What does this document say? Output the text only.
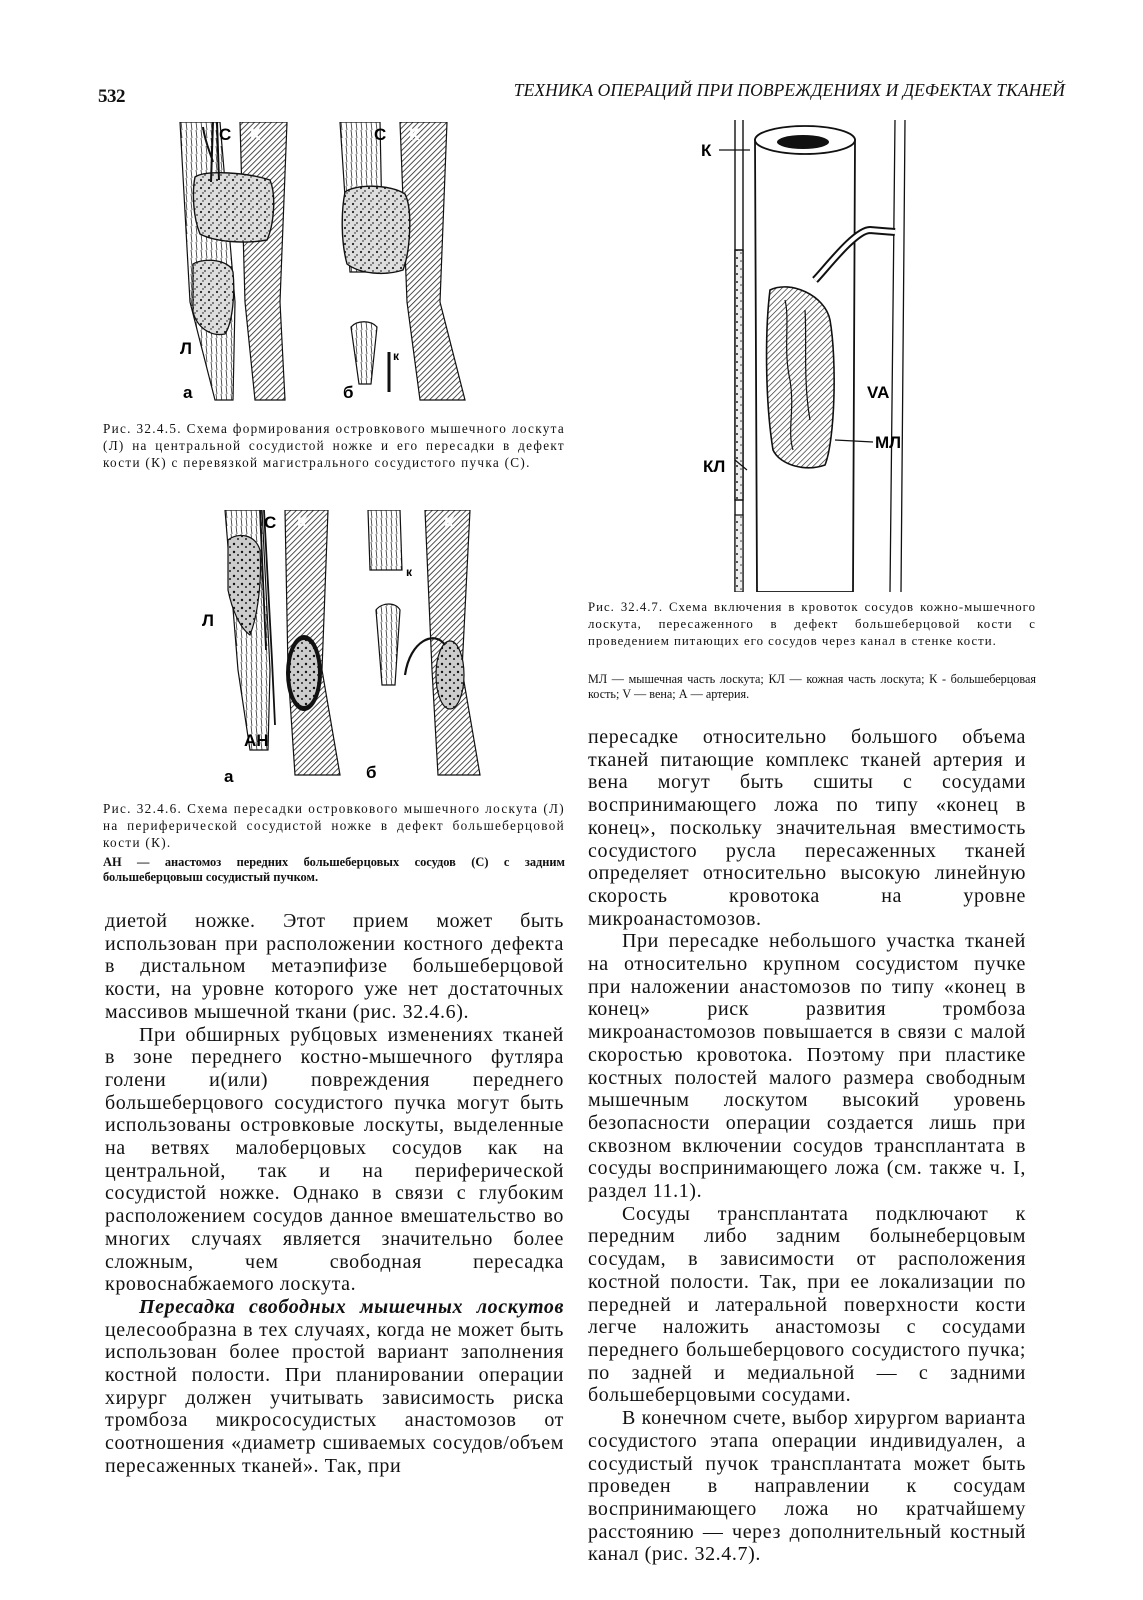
532	ТЕХНИКА ОПЕРАЦИЙ ПРИ ПОВРЕЖДЕНИЯХ И ДЕФЕКТАХ ТКАНЕЙ
С К	С К
Л
а	б
к
Рис. 32.4.5. Схема формирования островкового мышечного лоскута (Л) на центральной сосудистой ножке и его пересадки в дефект кости (К) с перевязкой магистрального сосудистого пучка (С).
С К	К
Л
АН
а	б
к
Рис. 32.4.6. Схема пересадки островкового мышечного лоскута (Л) на периферической сосудистой ножке в дефект большеберцовой кости (К).
АН — анастомоз передних большеберцовых сосудов (С) с задним большеберцовыш сосудистый пучком.
К
VA
МЛ
КЛ
Рис. 32.4.7. Схема включения в кровоток сосудов кожно-мышечного лоскута, пересаженного в дефект большеберцовой кости с проведением питающих его сосудов через канал в стенке кости.
МЛ — мышечная часть лоскута; КЛ — кожная часть лоскута; К - большеберцовая кость; V — вена; А — артерия.

диетой ножке. Этот прием может быть использован при расположении костного дефекта в дистальном метаэпифизе большеберцовой кости, на уровне которого уже нет достаточных массивов мышечной ткани (рис. 32.4.6).

При обширных рубцовых изменениях тканей в зоне переднего костно-мышечного футляра голени и(или) повреждения переднего большеберцового сосудистого пучка могут быть использованы островковые лоскуты, выделенные на ветвях малоберцовых сосудов как на центральной, так и на периферической сосудистой ножке. Однако в связи с глубоким расположением сосудов данное вмешательство во многих случаях является значительно более сложным, чем свободная пересадка кровоснабжаемого лоскута.

Пересадка свободных мышечных лоскутов целесообразна в тех случаях, когда не может быть использован более простой вариант заполнения костной полости. При планировании операции хирург должен учитывать зависимость риска тромбоза микрососудистых анастомозов от соотношения «диаметр сшиваемых сосудов/объем пересаженных тканей». Так, при

пересадке относительно большого объема тканей питающие комплекс тканей артерия и вена могут быть сшиты с сосудами воспринимающего ложа по типу «конец в конец», поскольку значительная вместимость сосудистого русла пересаженных тканей определяет относительно высокую линейную скорость кровотока на уровне микроанастомозов.

При пересадке небольшого участка тканей на относительно крупном сосудистом пучке при наложении анастомозов по типу «конец в конец» риск развития тромбоза микроанастомозов повышается в связи с малой скоростью кровотока. Поэтому при пластике костных полостей малого размера свободным мышечным лоскутом высокий уровень безопасности операции создается лишь при сквозном включении сосудов трансплантата в сосуды воспринимающего ложа (см. также ч. I, раздел 11.1).

Сосуды трансплантата подключают к передним либо задним болынеберцовым сосудам, в зависимости от расположения костной полости. Так, при ее локализации по передней и латеральной поверхности кости легче наложить анастомозы с сосудами переднего большеберцового сосудистого пучка; по задней и медиальной — с задними большеберцовыми сосудами.

В конечном счете, выбор хирургом варианта сосудистого этапа операции индивидуален, а сосудистый пучок трансплантата может быть проведен в направлении к сосудам воспринимающего ложа но кратчайшему расстоянию — через дополнительный костный канал (рис. 32.4.7).
